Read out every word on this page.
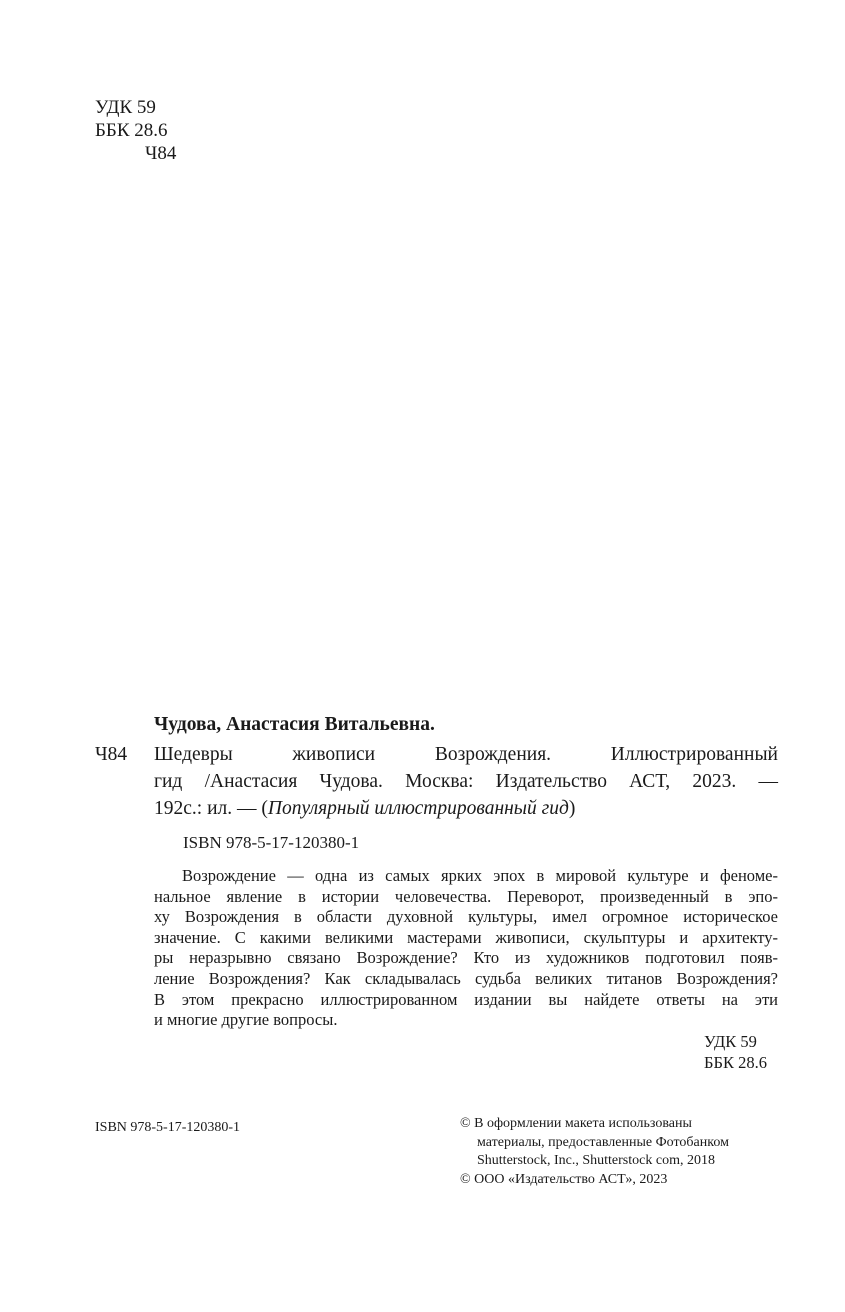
УДК 59
ББК 28.6
Ч84
Чудова, Анастасия Витальевна.
Ч84 Шедевры живописи Возрождения. Иллюстрированный
гид /Анастасия Чудова. Москва: Издательство АСТ, 2023. —
192с.: ил. — ( Популярный иллюстрированный гид )
ISBN 978-5-17-120380-1
Возрождение — одна из самых ярких эпох в мировой культуре и феноме-
нальное явление в истории человечества. Переворот, произведенный в эпо-
ху Возрождения в области духовной культуры, имел огромное историческое
значение. С какими великими мастерами живописи, скульптуры и архитекту-
ры неразрывно связано Возрождение? Кто из художников подготовил появ-
ление Возрождения? Как складывалась судьба великих титанов Возрождения?
В этом прекрасно иллюстрированном издании вы найдете ответы на эти
и многие другие вопросы.
УДК 59
ББК 28.6
ISBN 978-5-17-120380-1	© В оформлении макета использованы
материалы, предоставленные Фотобанком
Shutterstock, Inc., Shutterstock com, 2018
© ООО «Издательство АСТ», 2023
